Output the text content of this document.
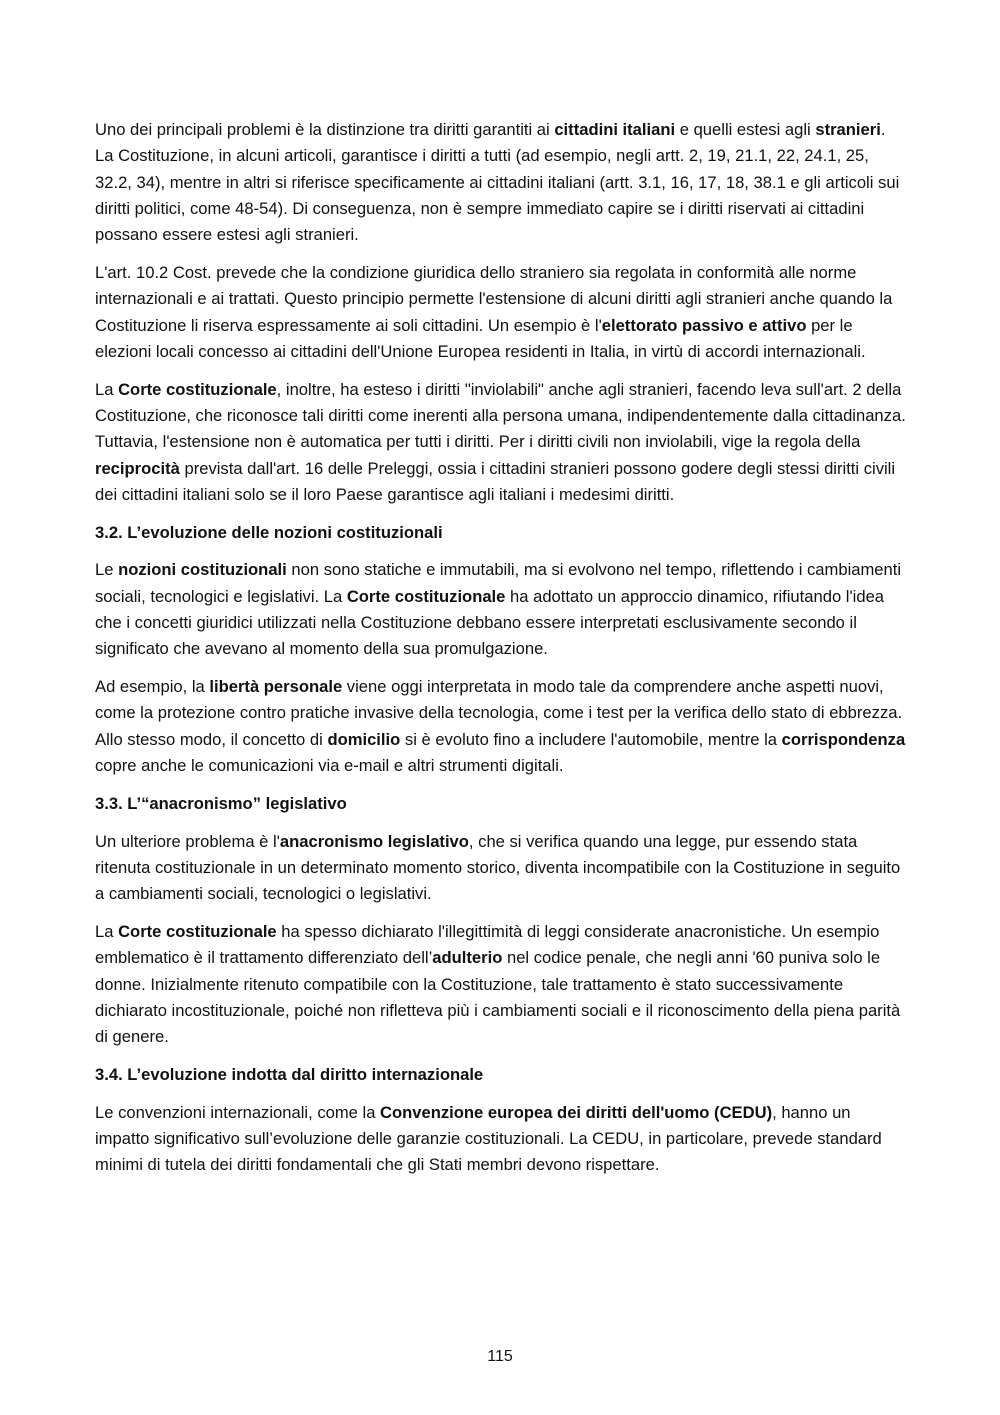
Uno dei principali problemi è la distinzione tra diritti garantiti ai cittadini italiani e quelli estesi agli stranieri. La Costituzione, in alcuni articoli, garantisce i diritti a tutti (ad esempio, negli artt. 2, 19, 21.1, 22, 24.1, 25, 32.2, 34), mentre in altri si riferisce specificamente ai cittadini italiani (artt. 3.1, 16, 17, 18, 38.1 e gli articoli sui diritti politici, come 48-54). Di conseguenza, non è sempre immediato capire se i diritti riservati ai cittadini possano essere estesi agli stranieri.

L'art. 10.2 Cost. prevede che la condizione giuridica dello straniero sia regolata in conformità alle norme internazionali e ai trattati. Questo principio permette l'estensione di alcuni diritti agli stranieri anche quando la Costituzione li riserva espressamente ai soli cittadini. Un esempio è l'elettorato passivo e attivo per le elezioni locali concesso ai cittadini dell'Unione Europea residenti in Italia, in virtù di accordi internazionali.

La Corte costituzionale, inoltre, ha esteso i diritti "inviolabili" anche agli stranieri, facendo leva sull'art. 2 della Costituzione, che riconosce tali diritti come inerenti alla persona umana, indipendentemente dalla cittadinanza. Tuttavia, l'estensione non è automatica per tutti i diritti. Per i diritti civili non inviolabili, vige la regola della reciprocità prevista dall'art. 16 delle Preleggi, ossia i cittadini stranieri possono godere degli stessi diritti civili dei cittadini italiani solo se il loro Paese garantisce agli italiani i medesimi diritti.

3.2. L’evoluzione delle nozioni costituzionali

Le nozioni costituzionali non sono statiche e immutabili, ma si evolvono nel tempo, riflettendo i cambiamenti sociali, tecnologici e legislativi. La Corte costituzionale ha adottato un approccio dinamico, rifiutando l'idea che i concetti giuridici utilizzati nella Costituzione debbano essere interpretati esclusivamente secondo il significato che avevano al momento della sua promulgazione.

Ad esempio, la libertà personale viene oggi interpretata in modo tale da comprendere anche aspetti nuovi, come la protezione contro pratiche invasive della tecnologia, come i test per la verifica dello stato di ebbrezza. Allo stesso modo, il concetto di domicilio si è evoluto fino a includere l'automobile, mentre la corrispondenza copre anche le comunicazioni via e-mail e altri strumenti digitali.

3.3. L’“anacronismo” legislativo

Un ulteriore problema è l'anacronismo legislativo, che si verifica quando una legge, pur essendo stata ritenuta costituzionale in un determinato momento storico, diventa incompatibile con la Costituzione in seguito a cambiamenti sociali, tecnologici o legislativi.

La Corte costituzionale ha spesso dichiarato l'illegittimità di leggi considerate anacronistiche. Un esempio emblematico è il trattamento differenziato dell’adulterio nel codice penale, che negli anni '60 puniva solo le donne. Inizialmente ritenuto compatibile con la Costituzione, tale trattamento è stato successivamente dichiarato incostituzionale, poiché non rifletteva più i cambiamenti sociali e il riconoscimento della piena parità di genere.

3.4. L’evoluzione indotta dal diritto internazionale

Le convenzioni internazionali, come la Convenzione europea dei diritti dell'uomo (CEDU), hanno un impatto significativo sull’evoluzione delle garanzie costituzionali. La CEDU, in particolare, prevede standard minimi di tutela dei diritti fondamentali che gli Stati membri devono rispettare.

115
